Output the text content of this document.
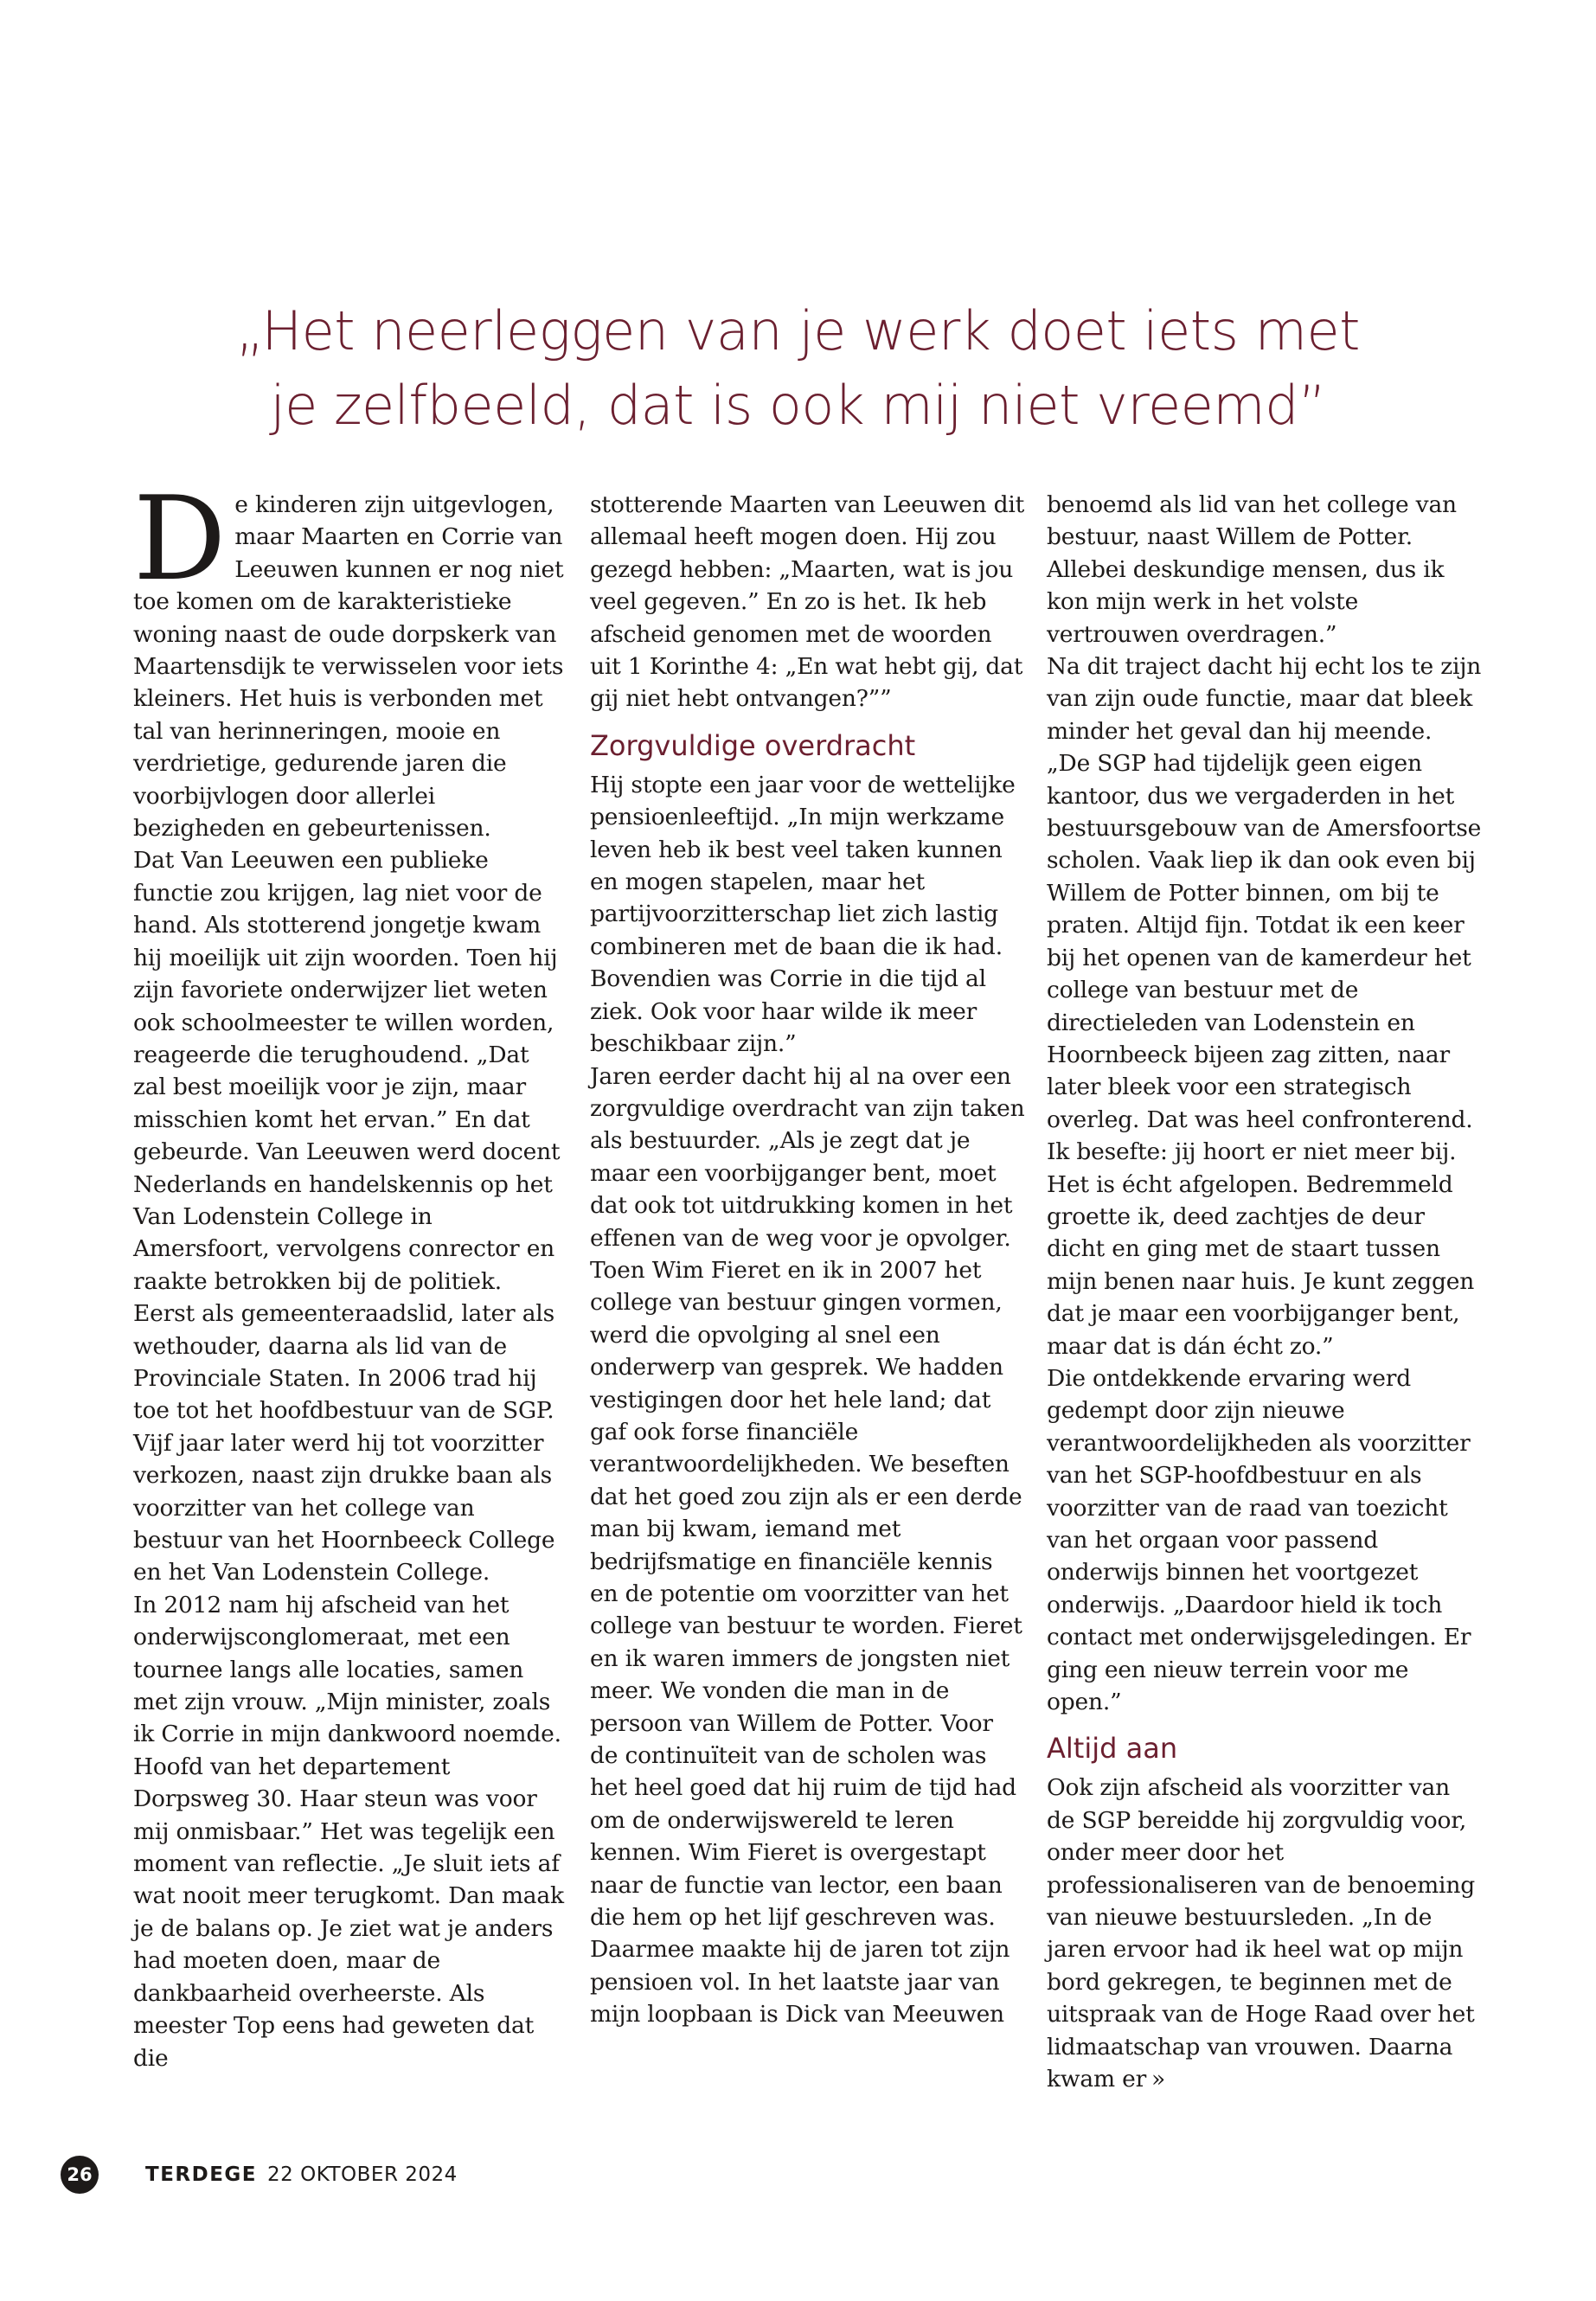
„Het neerleggen van je werk doet iets met
je zelfbeeld, dat is ook mij niet vreemd”

De kinderen zijn uitgevlogen, maar Maarten en Corrie van Leeuwen kunnen er nog niet toe komen om de karakteristieke woning naast de oude dorpskerk van Maartensdijk te verwisselen voor iets kleiners. Het huis is verbonden met tal van herinneringen, mooie en verdrietige, gedurende jaren die voorbijvlogen door allerlei bezigheden en gebeurtenissen.

Dat Van Leeuwen een publieke functie zou krijgen, lag niet voor de hand. Als stotterend jongetje kwam hij moeilijk uit zijn woorden. Toen hij zijn favoriete onderwijzer liet weten ook schoolmeester te willen worden, reageerde die terughoudend. „Dat zal best moeilijk voor je zijn, maar misschien komt het ervan.” En dat gebeurde. Van Leeuwen werd docent Nederlands en handelskennis op het Van Lodenstein College in Amersfoort, vervolgens conrector en raakte betrokken bij de politiek. Eerst als gemeenteraadslid, later als wethouder, daarna als lid van de Provinciale Staten. In 2006 trad hij toe tot het hoofdbestuur van de SGP. Vijf jaar later werd hij tot voorzitter verkozen, naast zijn drukke baan als voorzitter van het college van bestuur van het Hoornbeeck College en het Van Lodenstein College.

In 2012 nam hij afscheid van het onderwijsconglomeraat, met een tournee langs alle locaties, samen met zijn vrouw. „Mijn minister, zoals ik Corrie in mijn dankwoord noemde. Hoofd van het departement Dorpsweg 30. Haar steun was voor mij onmisbaar.” Het was tegelijk een moment van reflectie. „Je sluit iets af wat nooit meer terugkomt. Dan maak je de balans op. Je ziet wat je anders had moeten doen, maar de dankbaarheid overheerste. Als meester Top eens had geweten dat die

stotterende Maarten van Leeuwen dit allemaal heeft mogen doen. Hij zou gezegd hebben: „Maarten, wat is jou veel gegeven.” En zo is het. Ik heb afscheid genomen met de woorden uit 1 Korinthe 4: „En wat hebt gij, dat gij niet hebt ontvangen?””

Zorgvuldige overdracht

Hij stopte een jaar voor de wettelijke pensioenleeftijd. „In mijn werkzame leven heb ik best veel taken kunnen en mogen stapelen, maar het partijvoorzitterschap liet zich lastig combineren met de baan die ik had. Bovendien was Corrie in die tijd al ziek. Ook voor haar wilde ik meer beschikbaar zijn.”

Jaren eerder dacht hij al na over een zorgvuldige overdracht van zijn taken als bestuurder. „Als je zegt dat je maar een voorbijganger bent, moet dat ook tot uitdrukking komen in het effenen van de weg voor je opvolger. Toen Wim Fieret en ik in 2007 het college van bestuur gingen vormen, werd die opvolging al snel een onderwerp van gesprek. We hadden vestigingen door het hele land; dat gaf ook forse financiële verantwoordelijkheden. We beseften dat het goed zou zijn als er een derde man bij kwam, iemand met bedrijfsmatige en financiële kennis en de potentie om voorzitter van het college van bestuur te worden. Fieret en ik waren immers de jongsten niet meer. We vonden die man in de persoon van Willem de Potter. Voor de continuïteit van de scholen was het heel goed dat hij ruim de tijd had om de onderwijswereld te leren kennen. Wim Fieret is overgestapt naar de functie van lector, een baan die hem op het lijf geschreven was. Daarmee maakte hij de jaren tot zijn pensioen vol. In het laatste jaar van mijn loopbaan is Dick van Meeuwen

benoemd als lid van het college van bestuur, naast Willem de Potter. Allebei deskundige mensen, dus ik kon mijn werk in het volste vertrouwen overdragen.”

Na dit traject dacht hij echt los te zijn van zijn oude functie, maar dat bleek minder het geval dan hij meende. „De SGP had tijdelijk geen eigen kantoor, dus we vergaderden in het bestuursgebouw van de Amersfoortse scholen. Vaak liep ik dan ook even bij Willem de Potter binnen, om bij te praten. Altijd fijn. Totdat ik een keer bij het openen van de kamerdeur het college van bestuur met de directieleden van Lodenstein en Hoornbeeck bijeen zag zitten, naar later bleek voor een strategisch overleg. Dat was heel confronterend. Ik besefte: jij hoort er niet meer bij. Het is écht afgelopen. Bedremmeld groette ik, deed zachtjes de deur dicht en ging met de staart tussen mijn benen naar huis. Je kunt zeggen dat je maar een voorbijganger bent, maar dat is dán écht zo.”

Die ontdekkende ervaring werd gedempt door zijn nieuwe verantwoordelijkheden als voorzitter van het SGP-hoofdbestuur en als voorzitter van de raad van toezicht van het orgaan voor passend onderwijs binnen het voortgezet onderwijs. „Daardoor hield ik toch contact met onderwijsgeledingen. Er ging een nieuw terrein voor me open.”

Altijd aan

Ook zijn afscheid als voorzitter van de SGP bereidde hij zorgvuldig voor, onder meer door het professionaliseren van de benoeming van nieuwe bestuursleden. „In de jaren ervoor had ik heel wat op mijn bord gekregen, te beginnen met de uitspraak van de Hoge Raad over het lidmaatschap van vrouwen. Daarna kwam er »

26	TERDEGE 22 OKTOBER 2024
